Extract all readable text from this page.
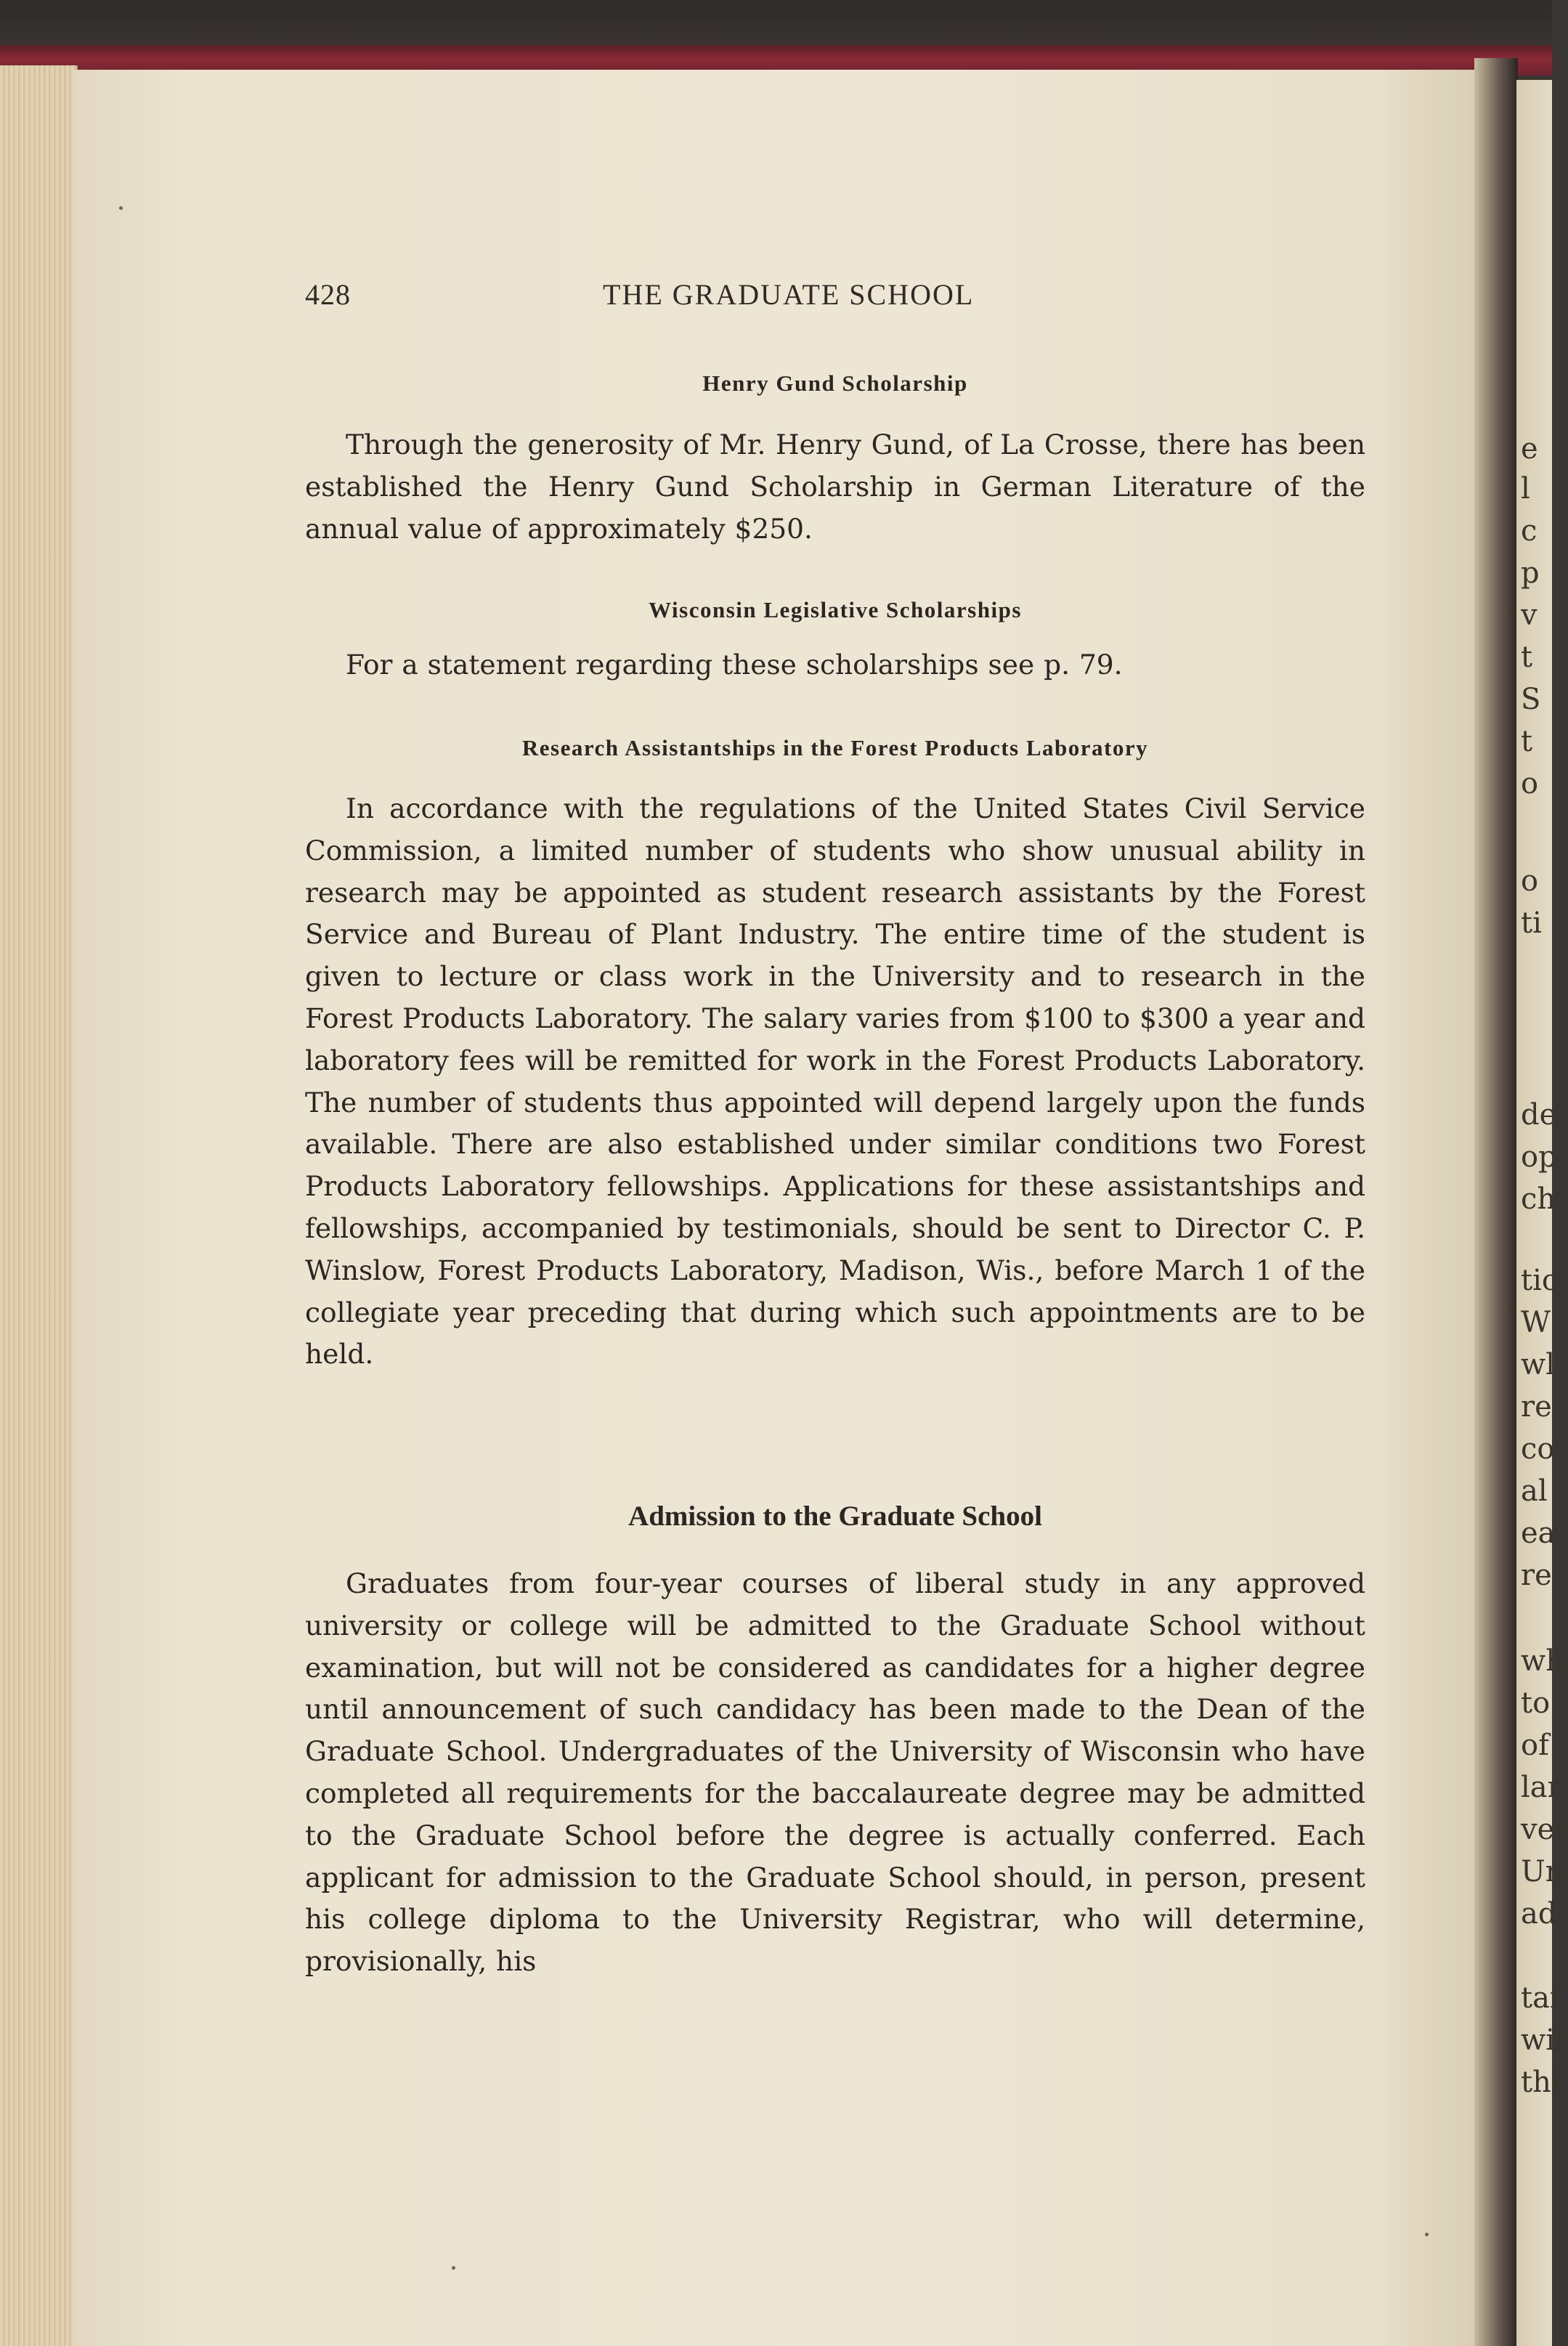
e
l
c
p
v
t
S
t
o
o
ti
de
op
ch
tic
W
wl
re
co
al
ea
re
wh
to
of
lar
ver
Un
ad
tai
wil
thi
428	THE GRADUATE SCHOOL

Henry Gund Scholarship

Through the generosity of Mr. Henry Gund, of La Crosse, there has been established the Henry Gund Scholarship in German Literature of the annual value of approximately $250.

Wisconsin Legislative Scholarships

For a statement regarding these scholarships see p. 79.

Research Assistantships in the Forest Products Laboratory

In accordance with the regulations of the United States Civil Service Commission, a limited number of students who show unusual ability in research may be appointed as student research assistants by the Forest Service and Bureau of Plant Industry. The entire time of the student is given to lecture or class work in the University and to research in the Forest Products Laboratory. The salary varies from $100 to $300 a year and laboratory fees will be remitted for work in the Forest Products Laboratory. The number of students thus appointed will depend largely upon the funds available. There are also established under similar conditions two Forest Products Laboratory fellowships. Applications for these assistantships and fellowships, accompanied by testimonials, should be sent to Director C. P. Winslow, Forest Products Laboratory, Madison, Wis., before March 1 of the collegiate year preceding that during which such appointments are to be held.

Admission to the Graduate School

Graduates from four-year courses of liberal study in any approved university or college will be admitted to the Graduate School without examination, but will not be considered as candidates for a higher degree until announcement of such candidacy has been made to the Dean of the Graduate School. Undergraduates of the University of Wisconsin who have completed all requirements for the baccalaureate degree may be admitted to the Graduate School before the degree is actually conferred. Each applicant for admission to the Graduate School should, in person, present his college diploma to the University Registrar, who will determine, provisionally, his
